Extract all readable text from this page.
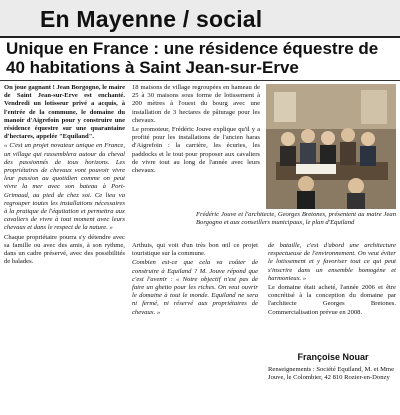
En Mayenne / social
Unique en France : une résidence équestre de 40 habitations à Saint Jean-sur-Erve

On joue gagnant ! Jean Borgogno, le maire de Saint Jean-sur-Erve est enchanté. Vendredi un lotisseur privé a acquis, à l'entrée de la commune, le domaine du manoir d'Aigrefoin pour y construire une résidence équestre sur une quarantaine d'hectares, appelée "Equiland".

« C'est un projet novateur unique en France, un village qui rassemblera autour du cheval des passionnés de tous horizons. Les propriétaires de chevaux vont pouvoir vivre leur passion au quotidien comme on peut vivre la mer avec son bateau à Port-Grimaud, au pied de chez soi. Ce lieu va regrouper toutes les installations nécessaires à la pratique de l'équitation et permettra aux cavaliers de vivre à tout moment avec leurs chevaux et dans le respect de la nature. »

Chaque propriétaire pourra s'y détendre avec sa famille ou avec des amis, à son rythme, dans un cadre préservé, avec des possibilités de balades.

18 maisons de village regroupées en hameau de 25 à 30 maisons sous forme de lotissement à 200 mètres à l'ouest du bourg avec une installation de 3 hectares de pâturage pour les chevaux.

Le promoteur, Frédéric Jouve explique qu'il y a profité pour les installations de l'ancien haras d'Aigrefoin : la carrière, les écuries, les paddocks et le tout pour proposer aux cavaliers de vivre tout au long de l'année avec leurs chevaux.

Frédéric Jouve et l'architecte, Georges Bretones, présentent au maire Jean Borgogno et aux conseillers municipaux, le plan d'Equiland

Arthuis, qui voit d'un très bon œil ce projet touristique sur la commune.

Combien est-ce que cela va coûter de construire à Equiland ? M. Jouve répond que c'est l'avenir : « Notre objectif n'est pas de faire un ghetto pour les riches. On veut ouvrir le domaine à tout le monde. Equiland ne sera ni fermé, ni réservé aux propriétaires de chevaux. »

de bataille, c'est d'abord une architecture respectueuse de l'environnement. On veut éviter le lotissement et y favoriser tout ce qui peut s'inscrire dans un ensemble homogène et harmonieux. »

Le domaine était acheté, l'année 2006 et être concrétisé à la conception du domaine par l'architecte Georges Bretones. Commercialisation prévue en 2008.

Françoise Nouar
Renseignements : Société Equiland, M. et Mme Jouve, le Colombier, 42 810 Rozier-en-Donzy
